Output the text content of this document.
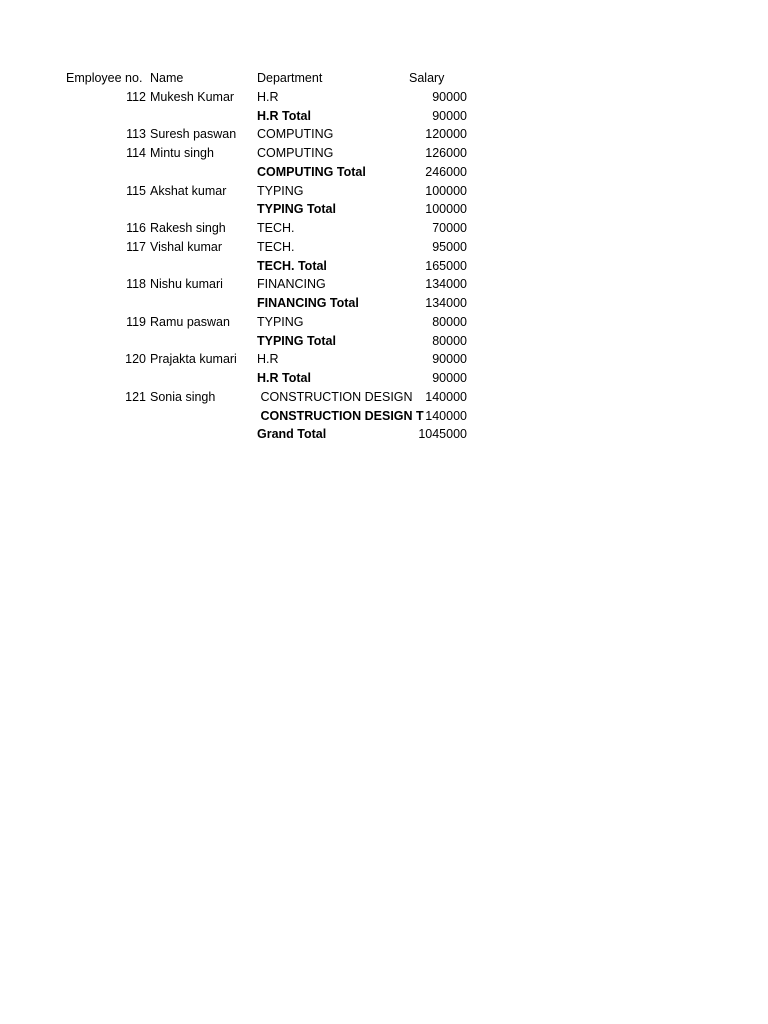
Employee no. Name	Department	Salary
112 Mukesh Kumar	H.R	90000
H.R Total	90000
113 Suresh paswan	COMPUTING	120000
114 Mintu singh	COMPUTING	126000
COMPUTING Total	246000
115 Akshat kumar	TYPING	100000
TYPING Total	100000
116 Rakesh singh	TECH.	70000
117 Vishal kumar	TECH.	95000
TECH. Total	165000
118 Nishu kumari	FINANCING	134000
FINANCING Total	134000
119 Ramu paswan	TYPING	80000
TYPING Total	80000
120 Prajakta kumari	H.R	90000
H.R Total	90000
121 Sonia singh	CONSTRUCTION DESIGN	140000
CONSTRUCTION DESIGN T 140000
Grand Total	1045000
